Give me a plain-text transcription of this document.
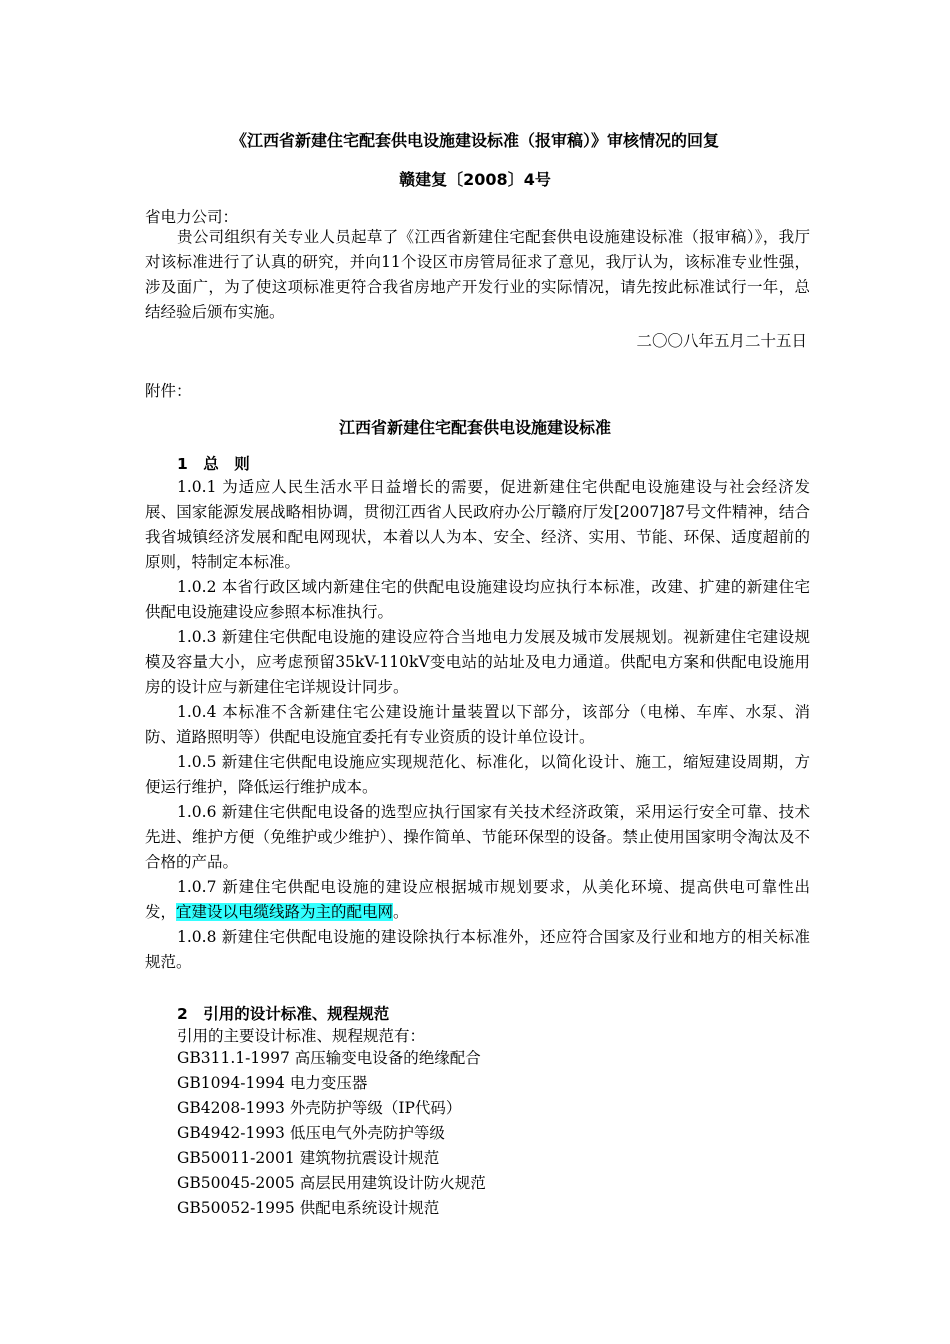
《江西省新建住宅配套供电设施建设标准（报审稿）》审核情况的回复
赣建复〔2008〕4号

省电力公司：

贵公司组织有关专业人员起草了《江西省新建住宅配套供电设施建设标准（报审稿）》，我厅对该标准进行了认真的研究，并向11个设区市房管局征求了意见，我厅认为，该标准专业性强，涉及面广，为了使这项标准更符合我省房地产开发行业的实际情况，请先按此标准试行一年，总结经验后颁布实施。

二〇〇八年五月二十五日

附件：

江西省新建住宅配套供电设施建设标准
1　总　则

1.0.1 为适应人民生活水平日益增长的需要，促进新建住宅供配电设施建设与社会经济发展、国家能源发展战略相协调，贯彻江西省人民政府办公厅赣府厅发[2007]87号文件精神，结合我省城镇经济发展和配电网现状，本着以人为本、安全、经济、实用、节能、环保、适度超前的原则，特制定本标准。

1.0.2 本省行政区域内新建住宅的供配电设施建设均应执行本标准，改建、扩建的新建住宅供配电设施建设应参照本标准执行。

1.0.3 新建住宅供配电设施的建设应符合当地电力发展及城市发展规划。视新建住宅建设规模及容量大小，应考虑预留35kV-110kV变电站的站址及电力通道。供配电方案和供配电设施用房的设计应与新建住宅详规设计同步。

1.0.4 本标准不含新建住宅公建设施计量装置以下部分，该部分（电梯、车库、水泵、消防、道路照明等）供配电设施宜委托有专业资质的设计单位设计。

1.0.5 新建住宅供配电设施应实现规范化、标准化，以简化设计、施工，缩短建设周期，方便运行维护，降低运行维护成本。

1.0.6 新建住宅供配电设备的选型应执行国家有关技术经济政策，采用运行安全可靠、技术先进、维护方便（免维护或少维护）、操作简单、节能环保型的设备。禁止使用国家明令淘汰及不合格的产品。

1.0.7 新建住宅供配电设施的建设应根据城市规划要求，从美化环境、提高供电可靠性出发，宜建设以电缆线路为主的配电网。

1.0.8 新建住宅供配电设施的建设除执行本标准外，还应符合国家及行业和地方的相关标准规范。

2　引用的设计标准、规程规范

引用的主要设计标准、规程规范有：

GB311.1-1997 高压输变电设备的绝缘配合
GB1094-1994 电力变压器
GB4208-1993 外壳防护等级（IP代码）
GB4942-1993 低压电气外壳防护等级
GB50011-2001 建筑物抗震设计规范
GB50045-2005 高层民用建筑设计防火规范
GB50052-1995 供配电系统设计规范
